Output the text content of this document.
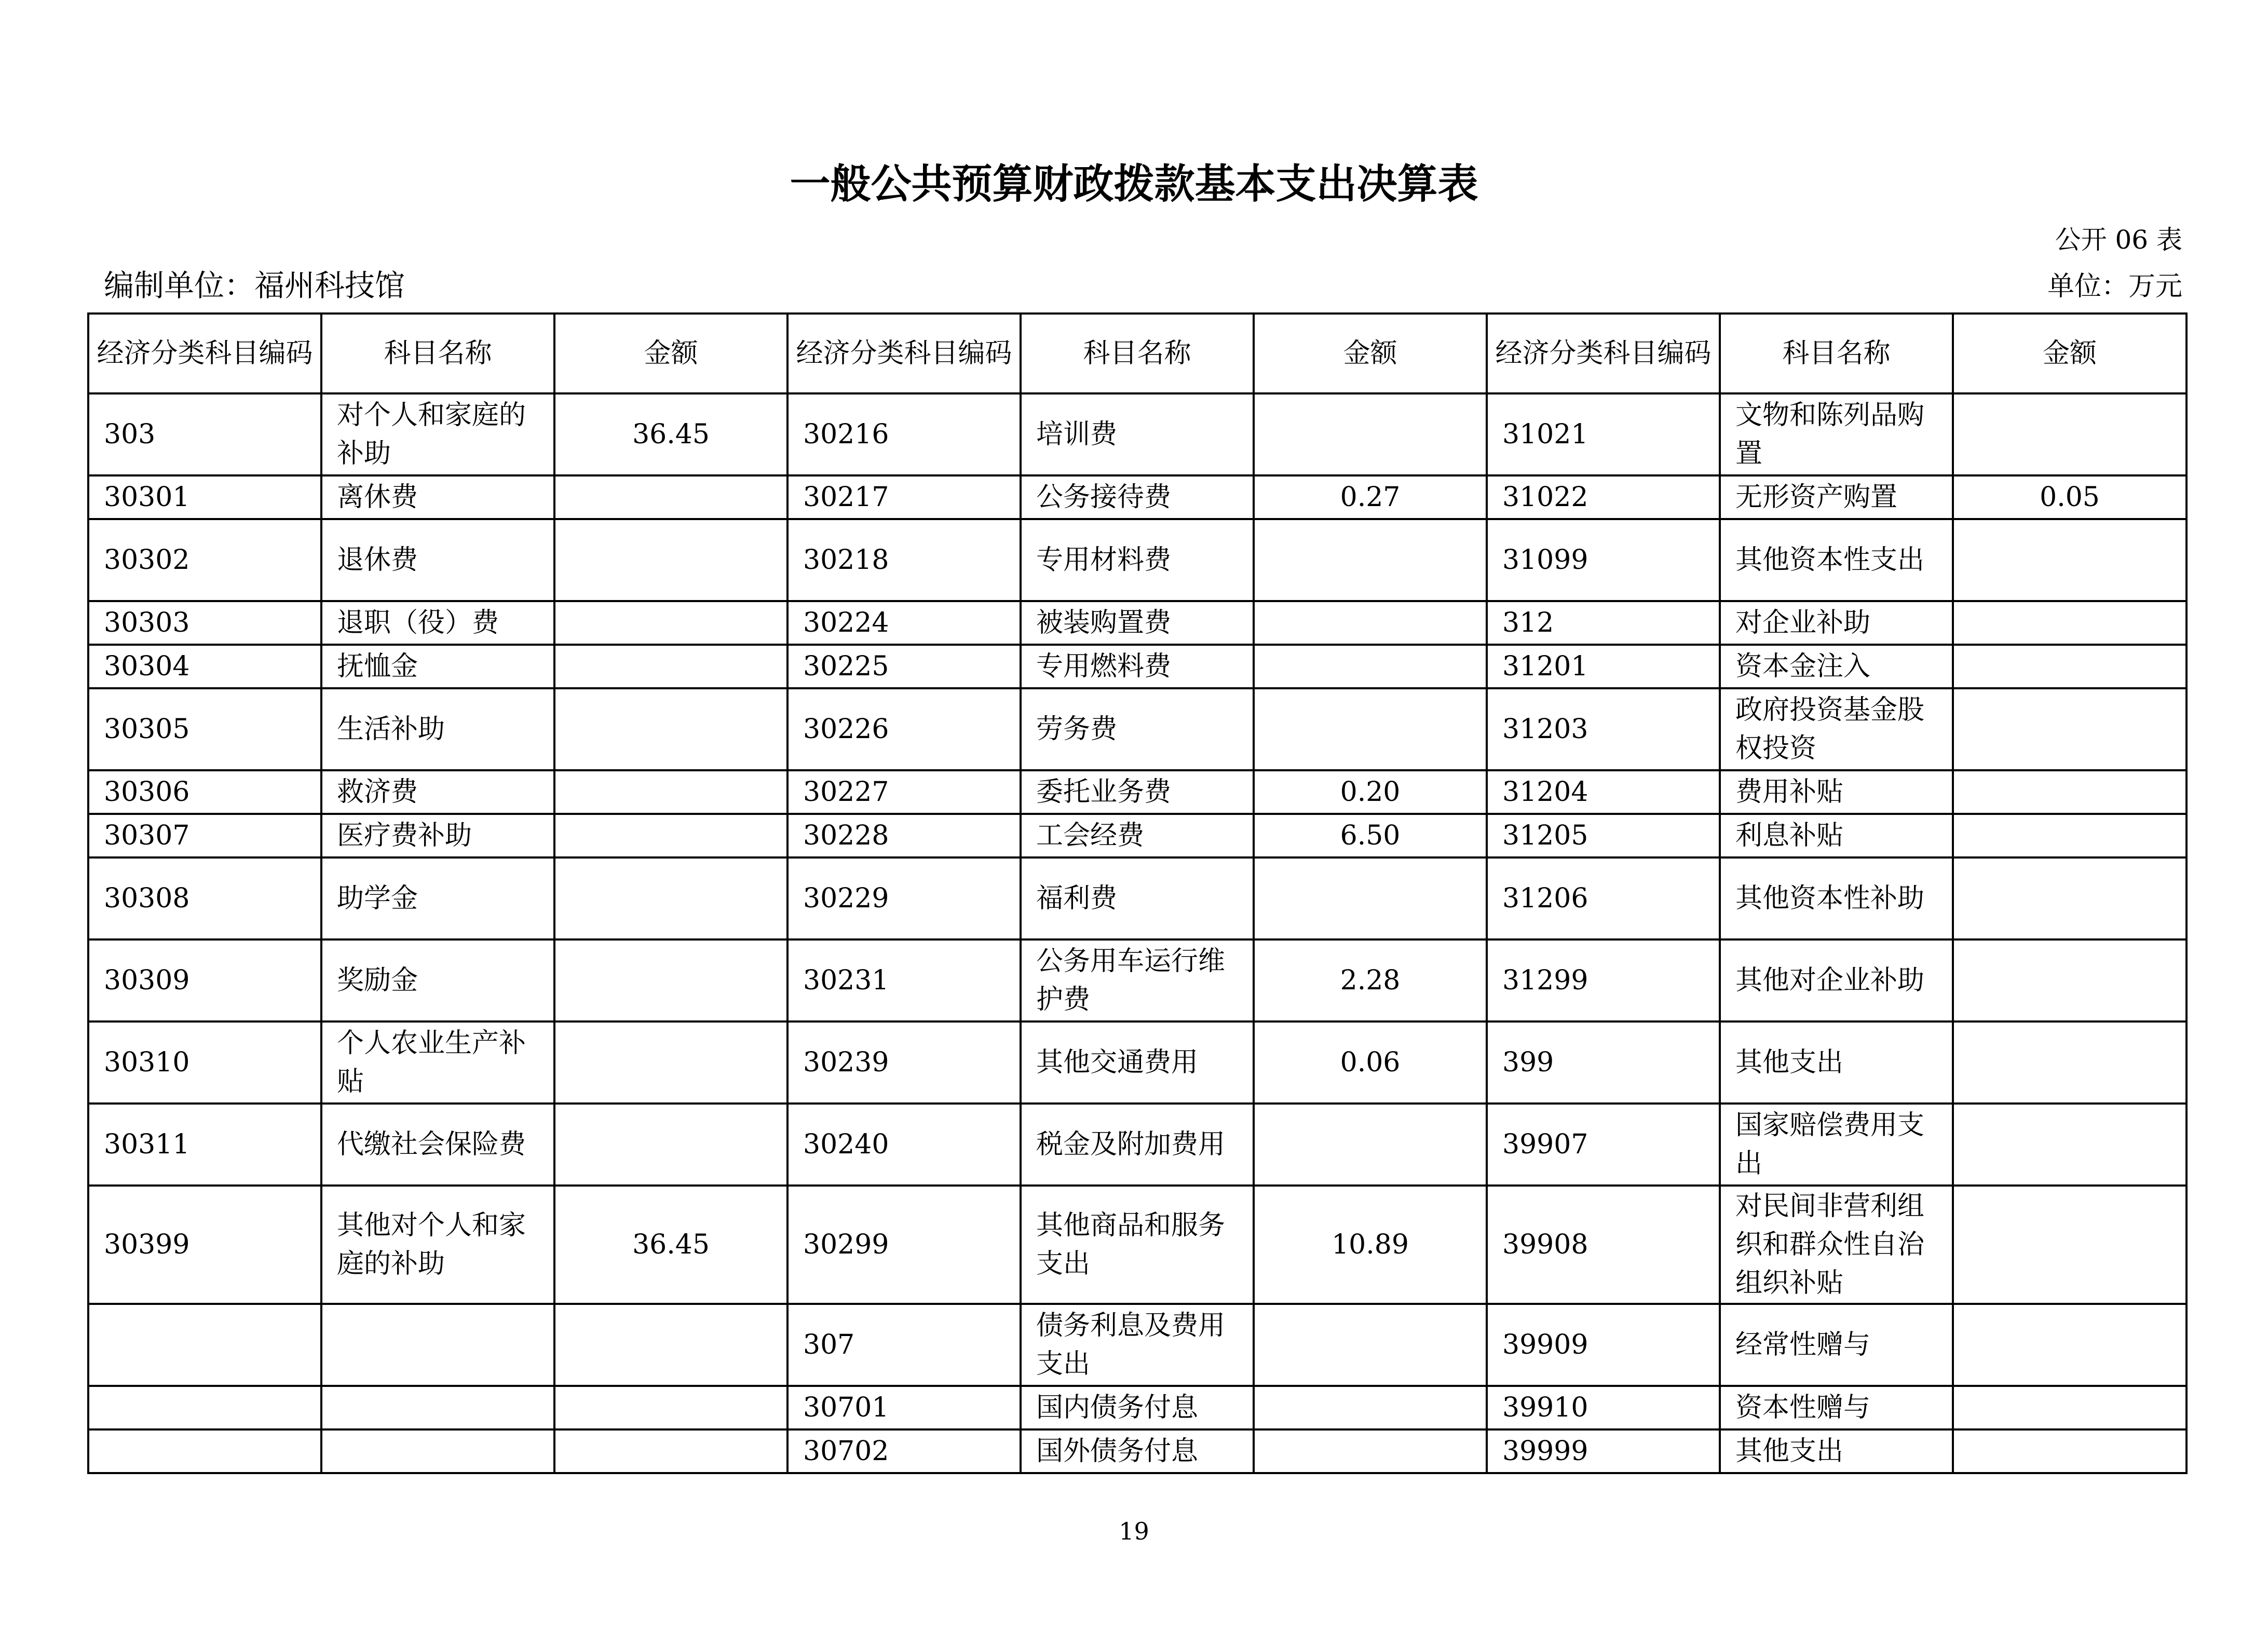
一般公共预算财政拨款基本支出决算表
公开 06 表
编制单位：福州科技馆	单位：万元
经济分类科目编码	科目名称	金额	经济分类科目编码	科目名称	金额	经济分类科目编码	科目名称	金额
303	对个人和家庭的补助	36.45	30216	培训费		31021	文物和陈列品购置	
30301	离休费		30217	公务接待费	0.27	31022	无形资产购置	0.05
30302	退休费		30218	专用材料费		31099	其他资本性支出	
30303	退职（役）费		30224	被装购置费		312	对企业补助	
30304	抚恤金		30225	专用燃料费		31201	资本金注入	
30305	生活补助		30226	劳务费		31203	政府投资基金股权投资	
30306	救济费		30227	委托业务费	0.20	31204	费用补贴	
30307	医疗费补助		30228	工会经费	6.50	31205	利息补贴	
30308	助学金		30229	福利费		31206	其他资本性补助	
30309	奖励金		30231	公务用车运行维护费	2.28	31299	其他对企业补助	
30310	个人农业生产补贴		30239	其他交通费用	0.06	399	其他支出	
30311	代缴社会保险费		30240	税金及附加费用		39907	国家赔偿费用支出	
30399	其他对个人和家庭的补助	36.45	30299	其他商品和服务支出	10.89	39908	对民间非营利组织和群众性自治组织补贴	
			307	债务利息及费用支出		39909	经常性赠与	
			30701	国内债务付息		39910	资本性赠与	
			30702	国外债务付息		39999	其他支出	
19
